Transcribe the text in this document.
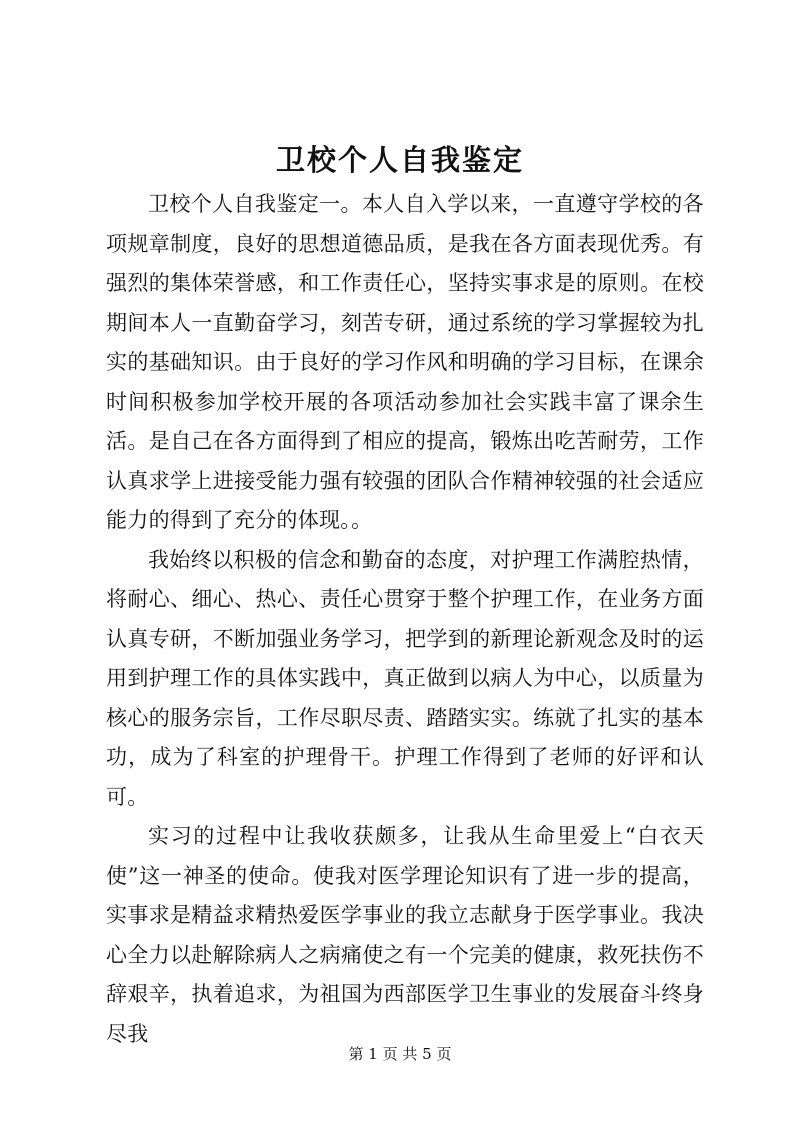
卫校个人自我鉴定

卫校个人自我鉴定一。本人自入学以来，一直遵守学校的各项规章制度，良好的思想道德品质，是我在各方面表现优秀。有强烈的集体荣誉感，和工作责任心，坚持实事求是的原则。在校期间本人一直勤奋学习，刻苦专研，通过系统的学习掌握较为扎实的基础知识。由于良好的学习作风和明确的学习目标，在课余时间积极参加学校开展的各项活动参加社会实践丰富了课余生活。是自己在各方面得到了相应的提高，锻炼出吃苦耐劳，工作认真求学上进接受能力强有较强的团队合作精神较强的社会适应能力的得到了充分的体现。。

我始终以积极的信念和勤奋的态度，对护理工作满腔热情，将耐心、细心、热心、责任心贯穿于整个护理工作，在业务方面认真专研，不断加强业务学习，把学到的新理论新观念及时的运用到护理工作的具体实践中，真正做到以病人为中心，以质量为核心的服务宗旨，工作尽职尽责、踏踏实实。练就了扎实的基本功，成为了科室的护理骨干。护理工作得到了老师的好评和认可。

实习的过程中让我收获颇多，让我从生命里爱上“白衣天使”这一神圣的使命。使我对医学理论知识有了进一步的提高，实事求是精益求精热爱医学事业的我立志献身于医学事业。我决心全力以赴解除病人之病痛使之有一个完美的健康，救死扶伤不辞艰辛，执着追求，为祖国为西部医学卫生事业的发展奋斗终身尽我

第 1 页 共 5 页
